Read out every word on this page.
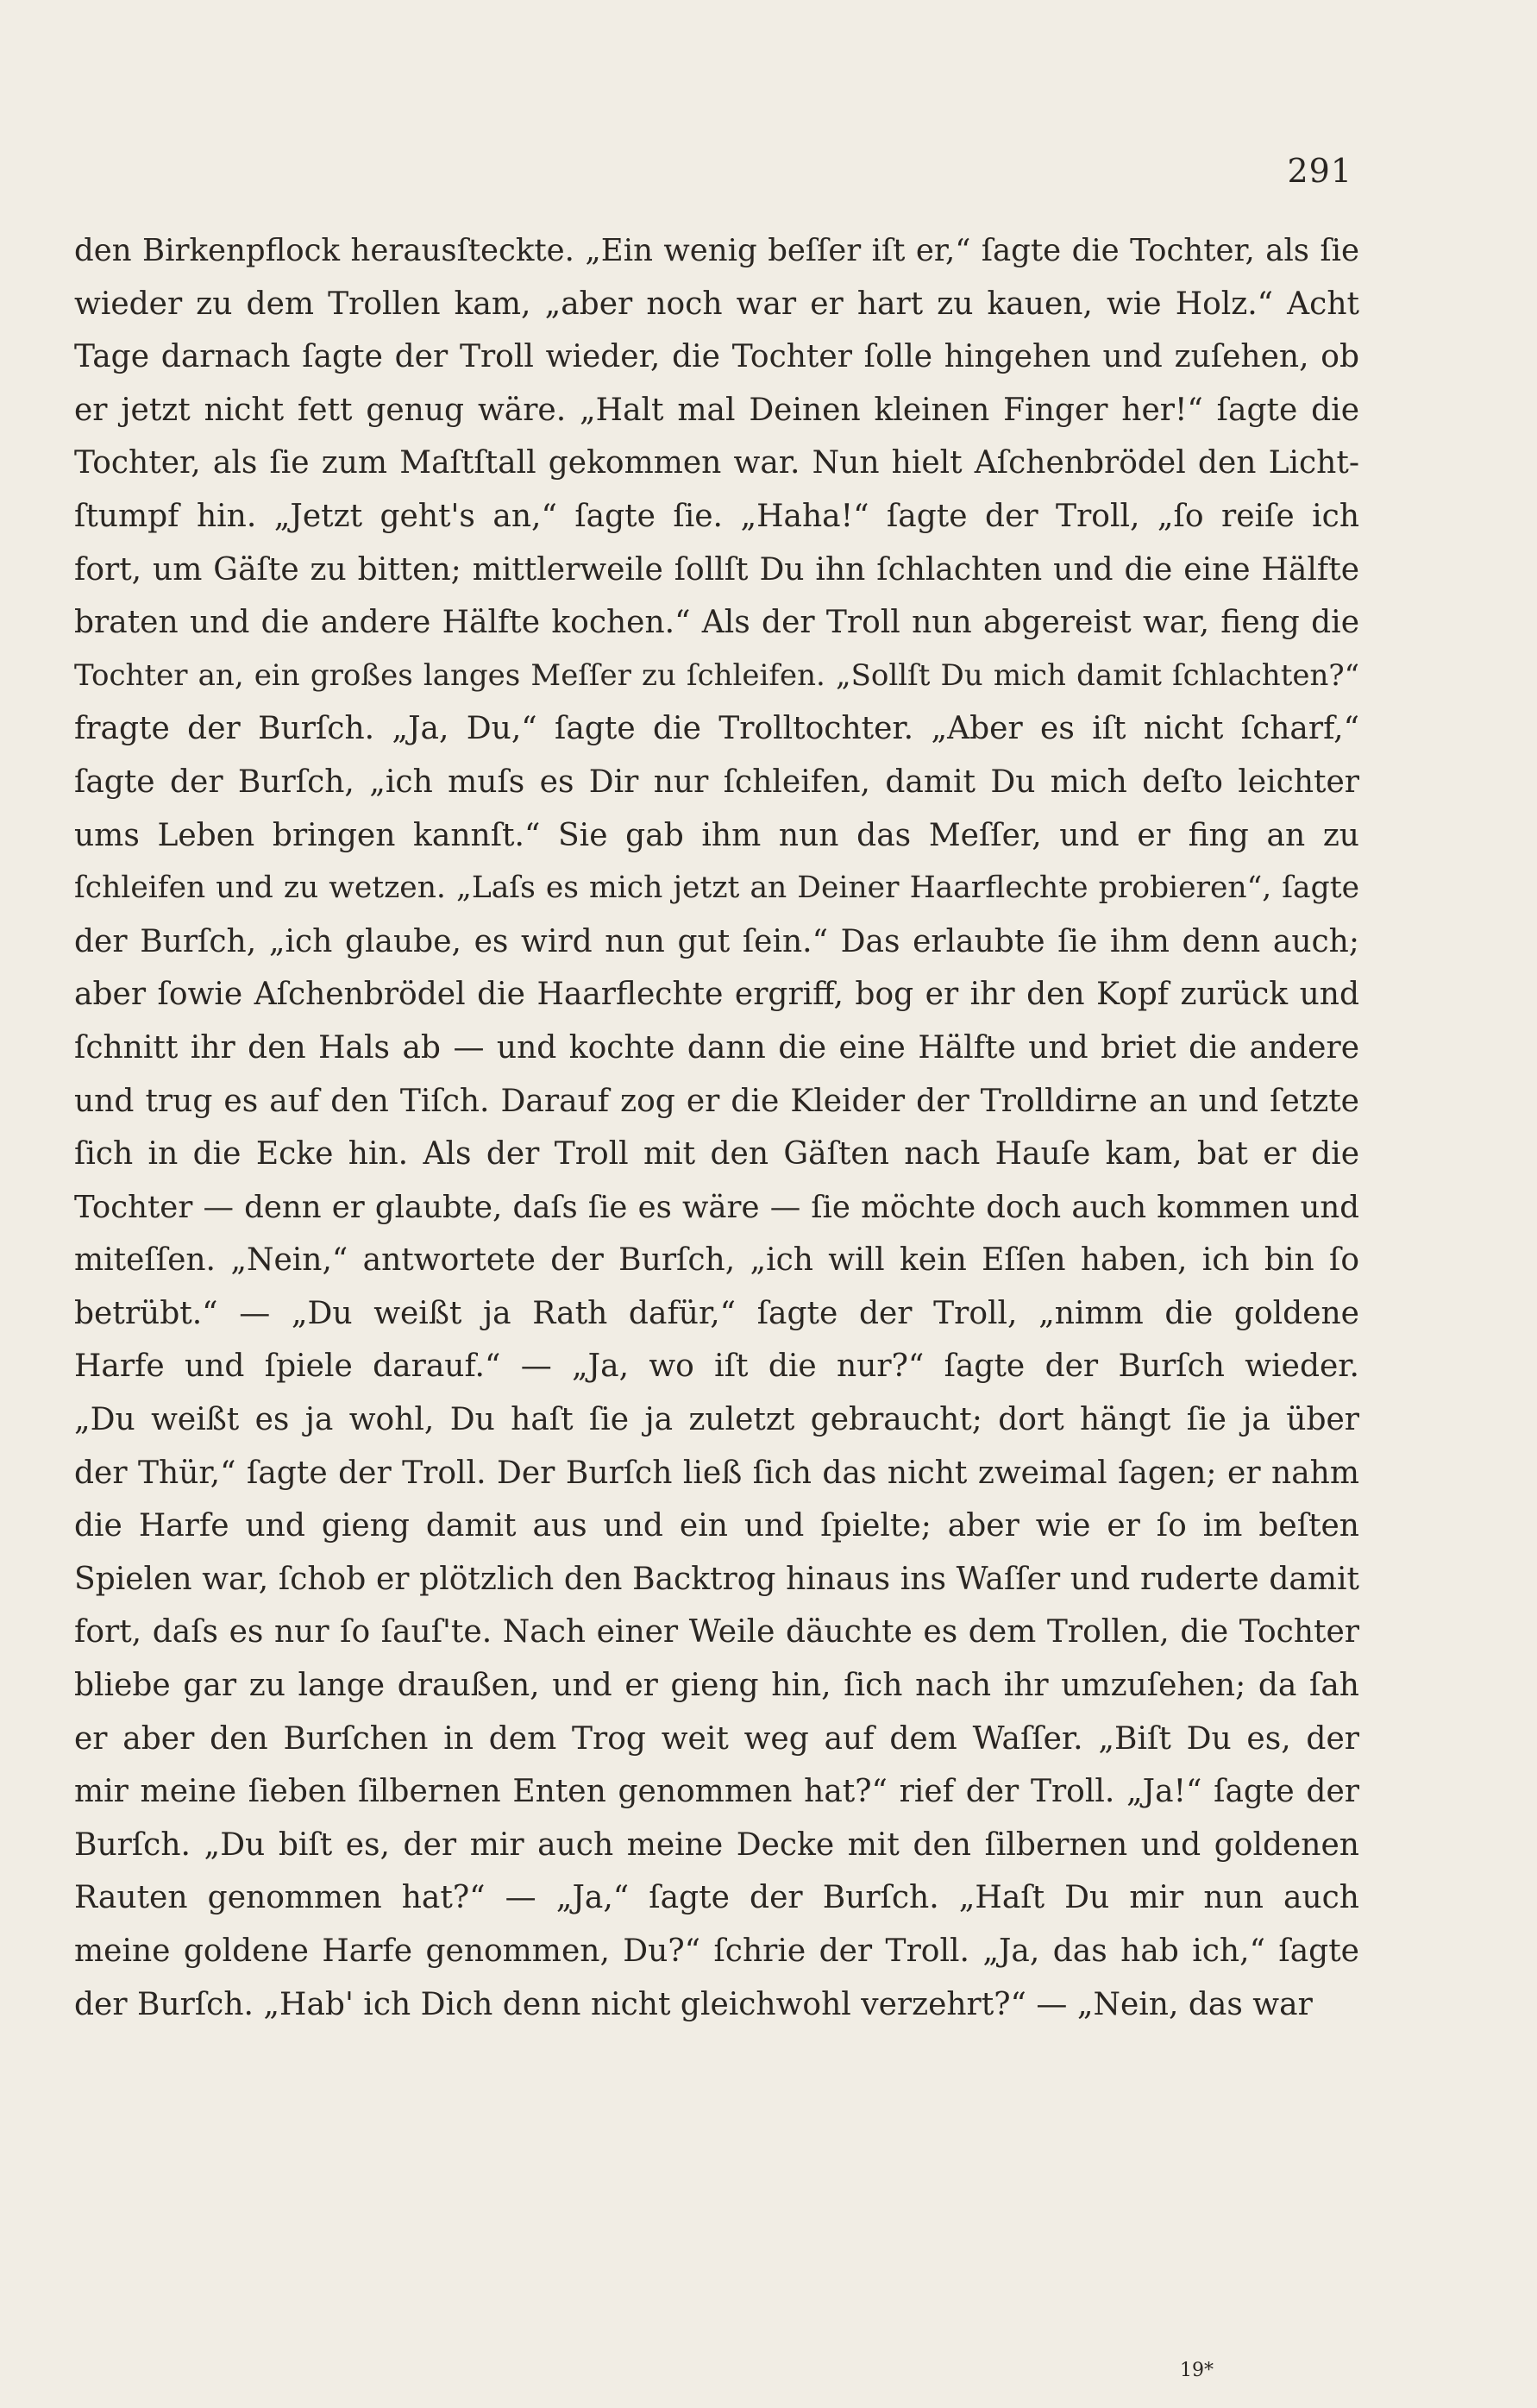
291
den Birkenpflock herausſteckte. „Ein wenig beſſer iſt er,“ ſagte die Tochter, als ſie
wieder zu dem Trollen kam, „aber noch war er hart zu kauen, wie Holz.“ Acht
Tage darnach ſagte der Troll wieder, die Tochter ſolle hingehen und zuſehen, ob
er jetzt nicht fett genug wäre. „Halt mal Deinen kleinen Finger her!“ ſagte die
Tochter, als ſie zum Maſtſtall gekommen war. Nun hielt Aſchenbrödel den Licht-
ſtumpf hin. „Jetzt geht's an,“ ſagte ſie. „Haha!“ ſagte der Troll, „ſo reiſe ich
fort, um Gäſte zu bitten; mittlerweile ſollſt Du ihn ſchlachten und die eine Hälfte
braten und die andere Hälfte kochen.“ Als der Troll nun abgereist war, fieng die
Tochter an, ein großes langes Meſſer zu ſchleifen. „Sollſt Du mich damit ſchlachten?“
fragte der Burſch. „Ja, Du,“ ſagte die Trolltochter. „Aber es iſt nicht ſcharf,“
ſagte der Burſch, „ich muſs es Dir nur ſchleifen, damit Du mich deſto leichter
ums Leben bringen kannſt.“ Sie gab ihm nun das Meſſer, und er fing an zu
ſchleifen und zu wetzen. „Laſs es mich jetzt an Deiner Haarflechte probieren“, ſagte
der Burſch, „ich glaube, es wird nun gut ſein.“ Das erlaubte ſie ihm denn auch;
aber ſowie Aſchenbrödel die Haarflechte ergriff, bog er ihr den Kopf zurück und
ſchnitt ihr den Hals ab — und kochte dann die eine Hälfte und briet die andere
und trug es auf den Tiſch. Darauf zog er die Kleider der Trolldirne an und ſetzte
ſich in die Ecke hin. Als der Troll mit den Gäſten nach Hauſe kam, bat er die
Tochter — denn er glaubte, daſs ſie es wäre — ſie möchte doch auch kommen und
miteſſen. „Nein,“ antwortete der Burſch, „ich will kein Eſſen haben, ich bin ſo
betrübt.“ — „Du weißt ja Rath dafür,“ ſagte der Troll, „nimm die goldene
Harfe und ſpiele darauf.“ — „Ja, wo iſt die nur?“ ſagte der Burſch wieder.
„Du weißt es ja wohl, Du haſt ſie ja zuletzt gebraucht; dort hängt ſie ja über
der Thür,“ ſagte der Troll. Der Burſch ließ ſich das nicht zweimal ſagen; er nahm
die Harfe und gieng damit aus und ein und ſpielte; aber wie er ſo im beſten
Spielen war, ſchob er plötzlich den Backtrog hinaus ins Waſſer und ruderte damit
fort, daſs es nur ſo ſauſ'te. Nach einer Weile däuchte es dem Trollen, die Tochter
bliebe gar zu lange draußen, und er gieng hin, ſich nach ihr umzuſehen; da ſah
er aber den Burſchen in dem Trog weit weg auf dem Waſſer. „Biſt Du es, der
mir meine ſieben ſilbernen Enten genommen hat?“ rief der Troll. „Ja!“ ſagte der
Burſch. „Du biſt es, der mir auch meine Decke mit den ſilbernen und goldenen
Rauten genommen hat?“ — „Ja,“ ſagte der Burſch. „Haſt Du mir nun auch
meine goldene Harfe genommen, Du?“ ſchrie der Troll. „Ja, das hab ich,“ ſagte
der Burſch. „Hab' ich Dich denn nicht gleichwohl verzehrt?“ — „Nein, das war
19*
